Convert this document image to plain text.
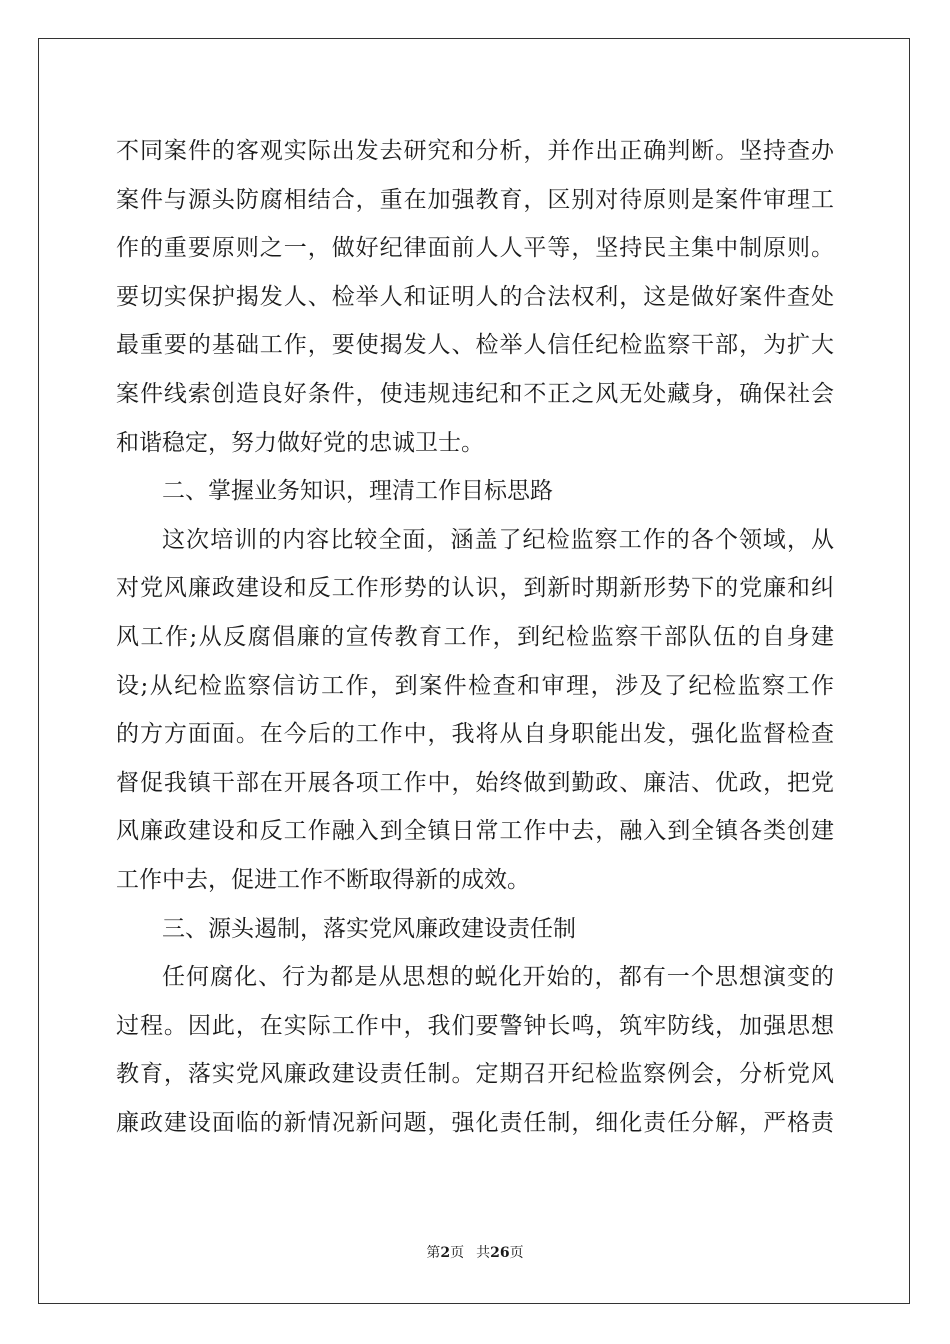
不同案件的客观实际出发去研究和分析，并作出正确判断。坚持查办
案件与源头防腐相结合，重在加强教育，区别对待原则是案件审理工
作的重要原则之一，做好纪律面前人人平等，坚持民主集中制原则。
要切实保护揭发人、检举人和证明人的合法权利，这是做好案件查处
最重要的基础工作，要使揭发人、检举人信任纪检监察干部，为扩大
案件线索创造良好条件，使违规违纪和不正之风无处藏身，确保社会
和谐稳定，努力做好党的忠诚卫士。
二、掌握业务知识，理清工作目标思路
这次培训的内容比较全面，涵盖了纪检监察工作的各个领域，从
对党风廉政建设和反工作形势的认识，到新时期新形势下的党廉和纠
风工作;从反腐倡廉的宣传教育工作，到纪检监察干部队伍的自身建
设;从纪检监察信访工作，到案件检查和审理，涉及了纪检监察工作
的方方面面。在今后的工作中，我将从自身职能出发，强化监督检查
督促我镇干部在开展各项工作中，始终做到勤政、廉洁、优政，把党
风廉政建设和反工作融入到全镇日常工作中去，融入到全镇各类创建
工作中去，促进工作不断取得新的成效。
三、源头遏制，落实党风廉政建设责任制
任何腐化、行为都是从思想的蜕化开始的，都有一个思想演变的
过程。因此，在实际工作中，我们要警钟长鸣，筑牢防线，加强思想
教育，落实党风廉政建设责任制。定期召开纪检监察例会，分析党风
廉政建设面临的新情况新问题，强化责任制，细化责任分解，严格责
第2页 共26页
